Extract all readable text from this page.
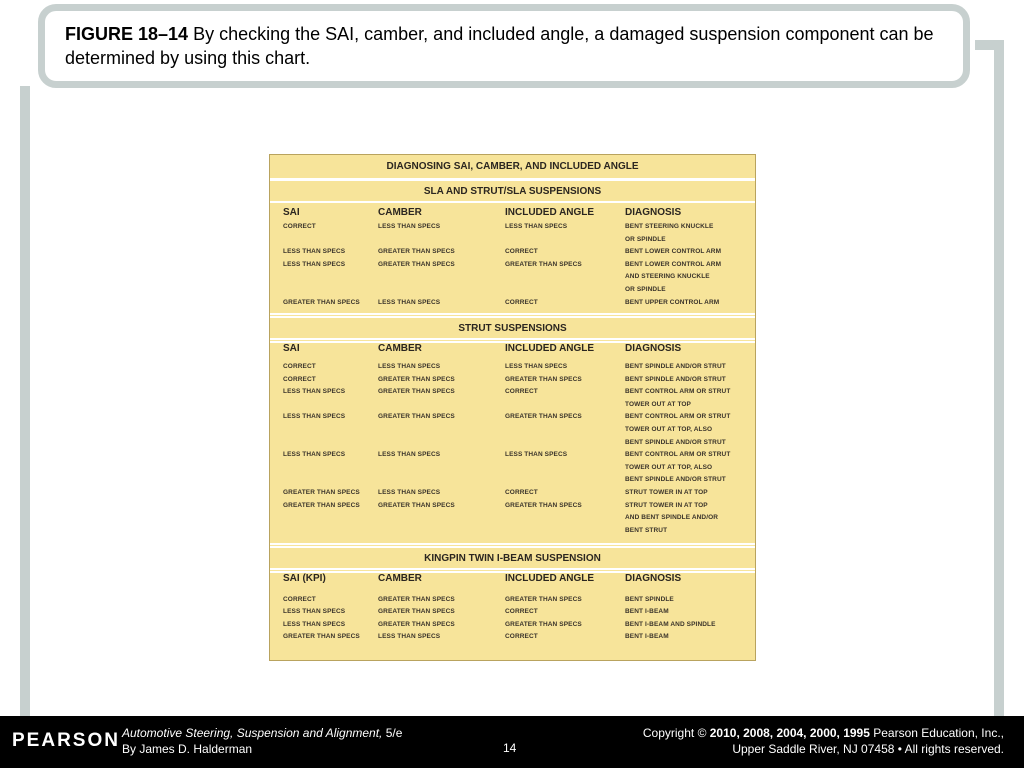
FIGURE 18–14 By checking the SAI, camber, and included angle, a damaged suspension component can be determined by using this chart.
DIAGNOSING SAI, CAMBER, AND INCLUDED ANGLE
SLA AND STRUT/SLA SUSPENSIONS
SAI	CAMBER	INCLUDED ANGLE	DIAGNOSIS
CORRECT	LESS THAN SPECS	LESS THAN SPECS	BENT STEERING KNUCKLE
OR SPINDLE
LESS THAN SPECS	GREATER THAN SPECS	CORRECT	BENT LOWER CONTROL ARM
LESS THAN SPECS	GREATER THAN SPECS	GREATER THAN SPECS	BENT LOWER CONTROL ARM
AND STEERING KNUCKLE
OR SPINDLE
GREATER THAN SPECS	LESS THAN SPECS	CORRECT	BENT UPPER CONTROL ARM
STRUT SUSPENSIONS
SAI	CAMBER	INCLUDED ANGLE	DIAGNOSIS
CORRECT	LESS THAN SPECS	LESS THAN SPECS	BENT SPINDLE AND/OR STRUT
CORRECT	GREATER THAN SPECS	GREATER THAN SPECS	BENT SPINDLE AND/OR STRUT
LESS THAN SPECS	GREATER THAN SPECS	CORRECT	BENT CONTROL ARM OR STRUT
TOWER OUT AT TOP
LESS THAN SPECS	GREATER THAN SPECS	GREATER THAN SPECS	BENT CONTROL ARM OR STRUT
TOWER OUT AT TOP, ALSO
BENT SPINDLE AND/OR STRUT
LESS THAN SPECS	LESS THAN SPECS	LESS THAN SPECS	BENT CONTROL ARM OR STRUT
TOWER OUT AT TOP, ALSO
BENT SPINDLE AND/OR STRUT
GREATER THAN SPECS	LESS THAN SPECS	CORRECT	STRUT TOWER IN AT TOP
GREATER THAN SPECS	GREATER THAN SPECS	GREATER THAN SPECS	STRUT TOWER IN AT TOP
AND BENT SPINDLE AND/OR
BENT STRUT
KINGPIN TWIN I-BEAM SUSPENSION
SAI (KPI)	CAMBER	INCLUDED ANGLE	DIAGNOSIS
CORRECT	GREATER THAN SPECS	GREATER THAN SPECS	BENT SPINDLE
LESS THAN SPECS	GREATER THAN SPECS	CORRECT	BENT I-BEAM
LESS THAN SPECS	GREATER THAN SPECS	GREATER THAN SPECS	BENT I-BEAM AND SPINDLE
GREATER THAN SPECS	LESS THAN SPECS	CORRECT	BENT I-BEAM
PEARSON Automotive Steering, Suspension and Alignment, 5/e
By James D. Halderman	14
Copyright © 2010, 2008, 2004, 2000, 1995 Pearson Education, Inc.,
Upper Saddle River, NJ 07458 • All rights reserved.
